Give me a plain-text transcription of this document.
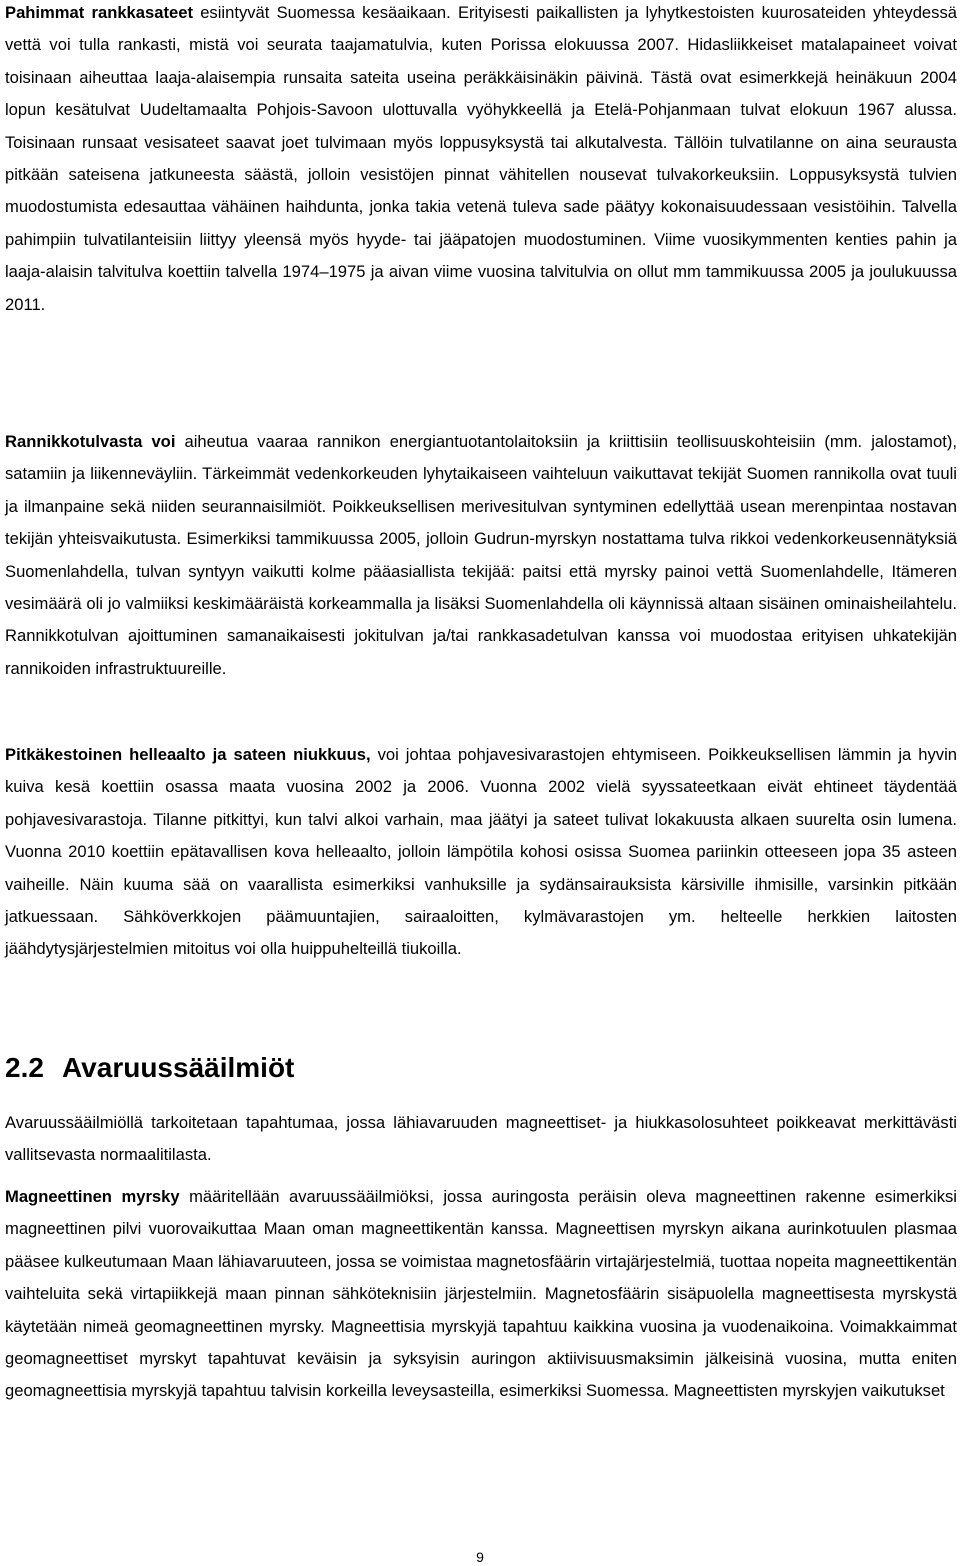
Pahimmat rankkasateet esiintyvät Suomessa kesäaikaan. Erityisesti paikallisten ja lyhytkestoisten kuurosateiden yhteydessä vettä voi tulla rankasti, mistä voi seurata taajamatulvia, kuten Porissa elokuussa 2007. Hidasliikkeiset matalapaineet voivat toisinaan aiheuttaa laaja-alaisempia runsaita sateita useina peräkkäisinäkin päivinä. Tästä ovat esimerkkejä heinäkuun 2004 lopun kesätulvat Uudeltamaalta Pohjois-Savoon ulottuvalla vyöhykkeellä ja Etelä-Pohjanmaan tulvat elokuun 1967 alussa. Toisinaan runsaat vesisateet saavat joet tulvimaan myös loppusyksystä tai alkutalvesta. Tällöin tulvatilanne on aina seurausta pitkään sateisena jatkuneesta säästä, jolloin vesistöjen pinnat vähitellen nousevat tulvakorkeuksiin. Loppusyksystä tulvien muodostumista edesauttaa vähäinen haihdunta, jonka takia vetenä tuleva sade päätyy kokonaisuudessaan vesistöihin. Talvella pahimpiin tulvatilanteisiin liittyy yleensä myös hyyde- tai jääpatojen muodostuminen. Viime vuosikymmenten kenties pahin ja laaja-alaisin talvitulva koettiin talvella 1974–1975 ja aivan viime vuosina talvitulvia on ollut mm tammikuussa 2005 ja joulukuussa 2011.

Rannikkotulvasta voi aiheutua vaaraa rannikon energiantuotantolaitoksiin ja kriittisiin teollisuuskohteisiin (mm. jalostamot), satamiin ja liikenneväyliin. Tärkeimmät vedenkorkeuden lyhytaikaiseen vaihteluun vaikuttavat tekijät Suomen rannikolla ovat tuuli ja ilmanpaine sekä niiden seurannaisilmiöt. Poikkeuksellisen merivesitulvan syntyminen edellyttää usean merenpintaa nostavan tekijän yhteisvaikutusta. Esimerkiksi tammikuussa 2005, jolloin Gudrun-myrskyn nostattama tulva rikkoi vedenkorkeusennätyksiä Suomenlahdella, tulvan syntyyn vaikutti kolme pääasiallista tekijää: paitsi että myrsky painoi vettä Suomenlahdelle, Itämeren vesimäärä oli jo valmiiksi keskimääräistä korkeammalla ja lisäksi Suomenlahdella oli käynnissä altaan sisäinen ominaisheilahtelu. Rannikkotulvan ajoittuminen samanaikaisesti jokitulvan ja/tai rankkasadetulvan kanssa voi muodostaa erityisen uhkatekijän rannikoiden infrastruktuureille.

Pitkäkestoinen helleaalto ja sateen niukkuus, voi johtaa pohjavesivarastojen ehtymiseen. Poikkeuksellisen lämmin ja hyvin kuiva kesä koettiin osassa maata vuosina 2002 ja 2006. Vuonna 2002 vielä syyssateetkaan eivät ehtineet täydentää pohjavesivarastoja. Tilanne pitkittyi, kun talvi alkoi varhain, maa jäätyi ja sateet tulivat lokakuusta alkaen suurelta osin lumena. Vuonna 2010 koettiin epätavallisen kova helleaalto, jolloin lämpötila kohosi osissa Suomea pariinkin otteeseen jopa 35 asteen vaiheille. Näin kuuma sää on vaarallista esimerkiksi vanhuksille ja sydänsairauksista kärsiville ihmisille, varsinkin pitkään jatkuessaan. Sähköverkkojen päämuuntajien, sairaaloitten, kylmävarastojen ym. helteelle herkkien laitosten jäähdytysjärjestelmien mitoitus voi olla huippuhelteillä tiukoilla.

2.2 Avaruussääilmiöt

Avaruussääilmiöllä tarkoitetaan tapahtumaa, jossa lähiavaruuden magneettiset- ja hiukkasolosuhteet poikkeavat merkittävästi vallitsevasta normaalitilasta.

Magneettinen myrsky määritellään avaruussääilmiöksi, jossa auringosta peräisin oleva magneettinen rakenne esimerkiksi magneettinen pilvi vuorovaikuttaa Maan oman magneettikentän kanssa. Magneettisen myrskyn aikana aurinkotuulen plasmaa pääsee kulkeutumaan Maan lähiavaruuteen, jossa se voimistaa magnetosfäärin virtajärjestelmiä, tuottaa nopeita magneettikentän vaihteluita sekä virtapiikkejä maan pinnan sähköteknisiin järjestelmiin. Magnetosfäärin sisäpuolella magneettisesta myrskystä käytetään nimeä geomagneettinen myrsky. Magneettisia myrskyjä tapahtuu kaikkina vuosina ja vuodenaikoina. Voimakkaimmat geomagneettiset myrskyt tapahtuvat keväisin ja syksyisin auringon aktiivisuusmaksimin jälkeisinä vuosina, mutta eniten geomagneettisia myrskyjä tapahtuu talvisin korkeilla leveysasteilla, esimerkiksi Suomessa. Magneettisten myrskyjen vaikutukset

9
